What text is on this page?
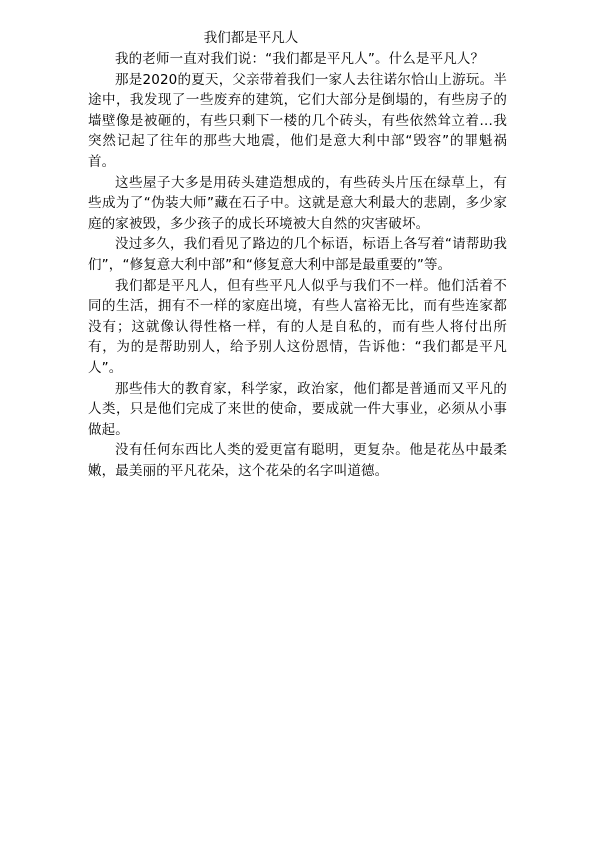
我们都是平凡人

我的老师一直对我们说：“我们都是平凡人”。什么是平凡人？

那是2020的夏天，父亲带着我们一家人去往诺尔恰山上游玩。半途中，我发现了一些废弃的建筑，它们大部分是倒塌的，有些房子的墙壁像是被砸的，有些只剩下一楼的几个砖头，有些依然耸立着…我突然记起了往年的那些大地震，他们是意大利中部“毁容”的罪魁祸首。

这些屋子大多是用砖头建造想成的，有些砖头片压在绿草上，有些成为了“伪装大师”藏在石子中。这就是意大利最大的悲剧，多少家庭的家被毁，多少孩子的成长环境被大自然的灾害破坏。

没过多久，我们看见了路边的几个标语，标语上各写着“请帮助我们”，“修复意大利中部”和“修复意大利中部是最重要的”等。

我们都是平凡人，但有些平凡人似乎与我们不一样。他们活着不同的生活，拥有不一样的家庭出境，有些人富裕无比，而有些连家都没有；这就像认得性格一样，有的人是自私的，而有些人将付出所有，为的是帮助别人，给予别人这份恩情，告诉他：“我们都是平凡人”。

那些伟大的教育家，科学家，政治家，他们都是普通而又平凡的人类，只是他们完成了来世的使命，要成就一件大事业，必须从小事做起。

没有任何东西比人类的爱更富有聪明，更复杂。他是花丛中最柔嫩，最美丽的平凡花朵，这个花朵的名字叫道德。
